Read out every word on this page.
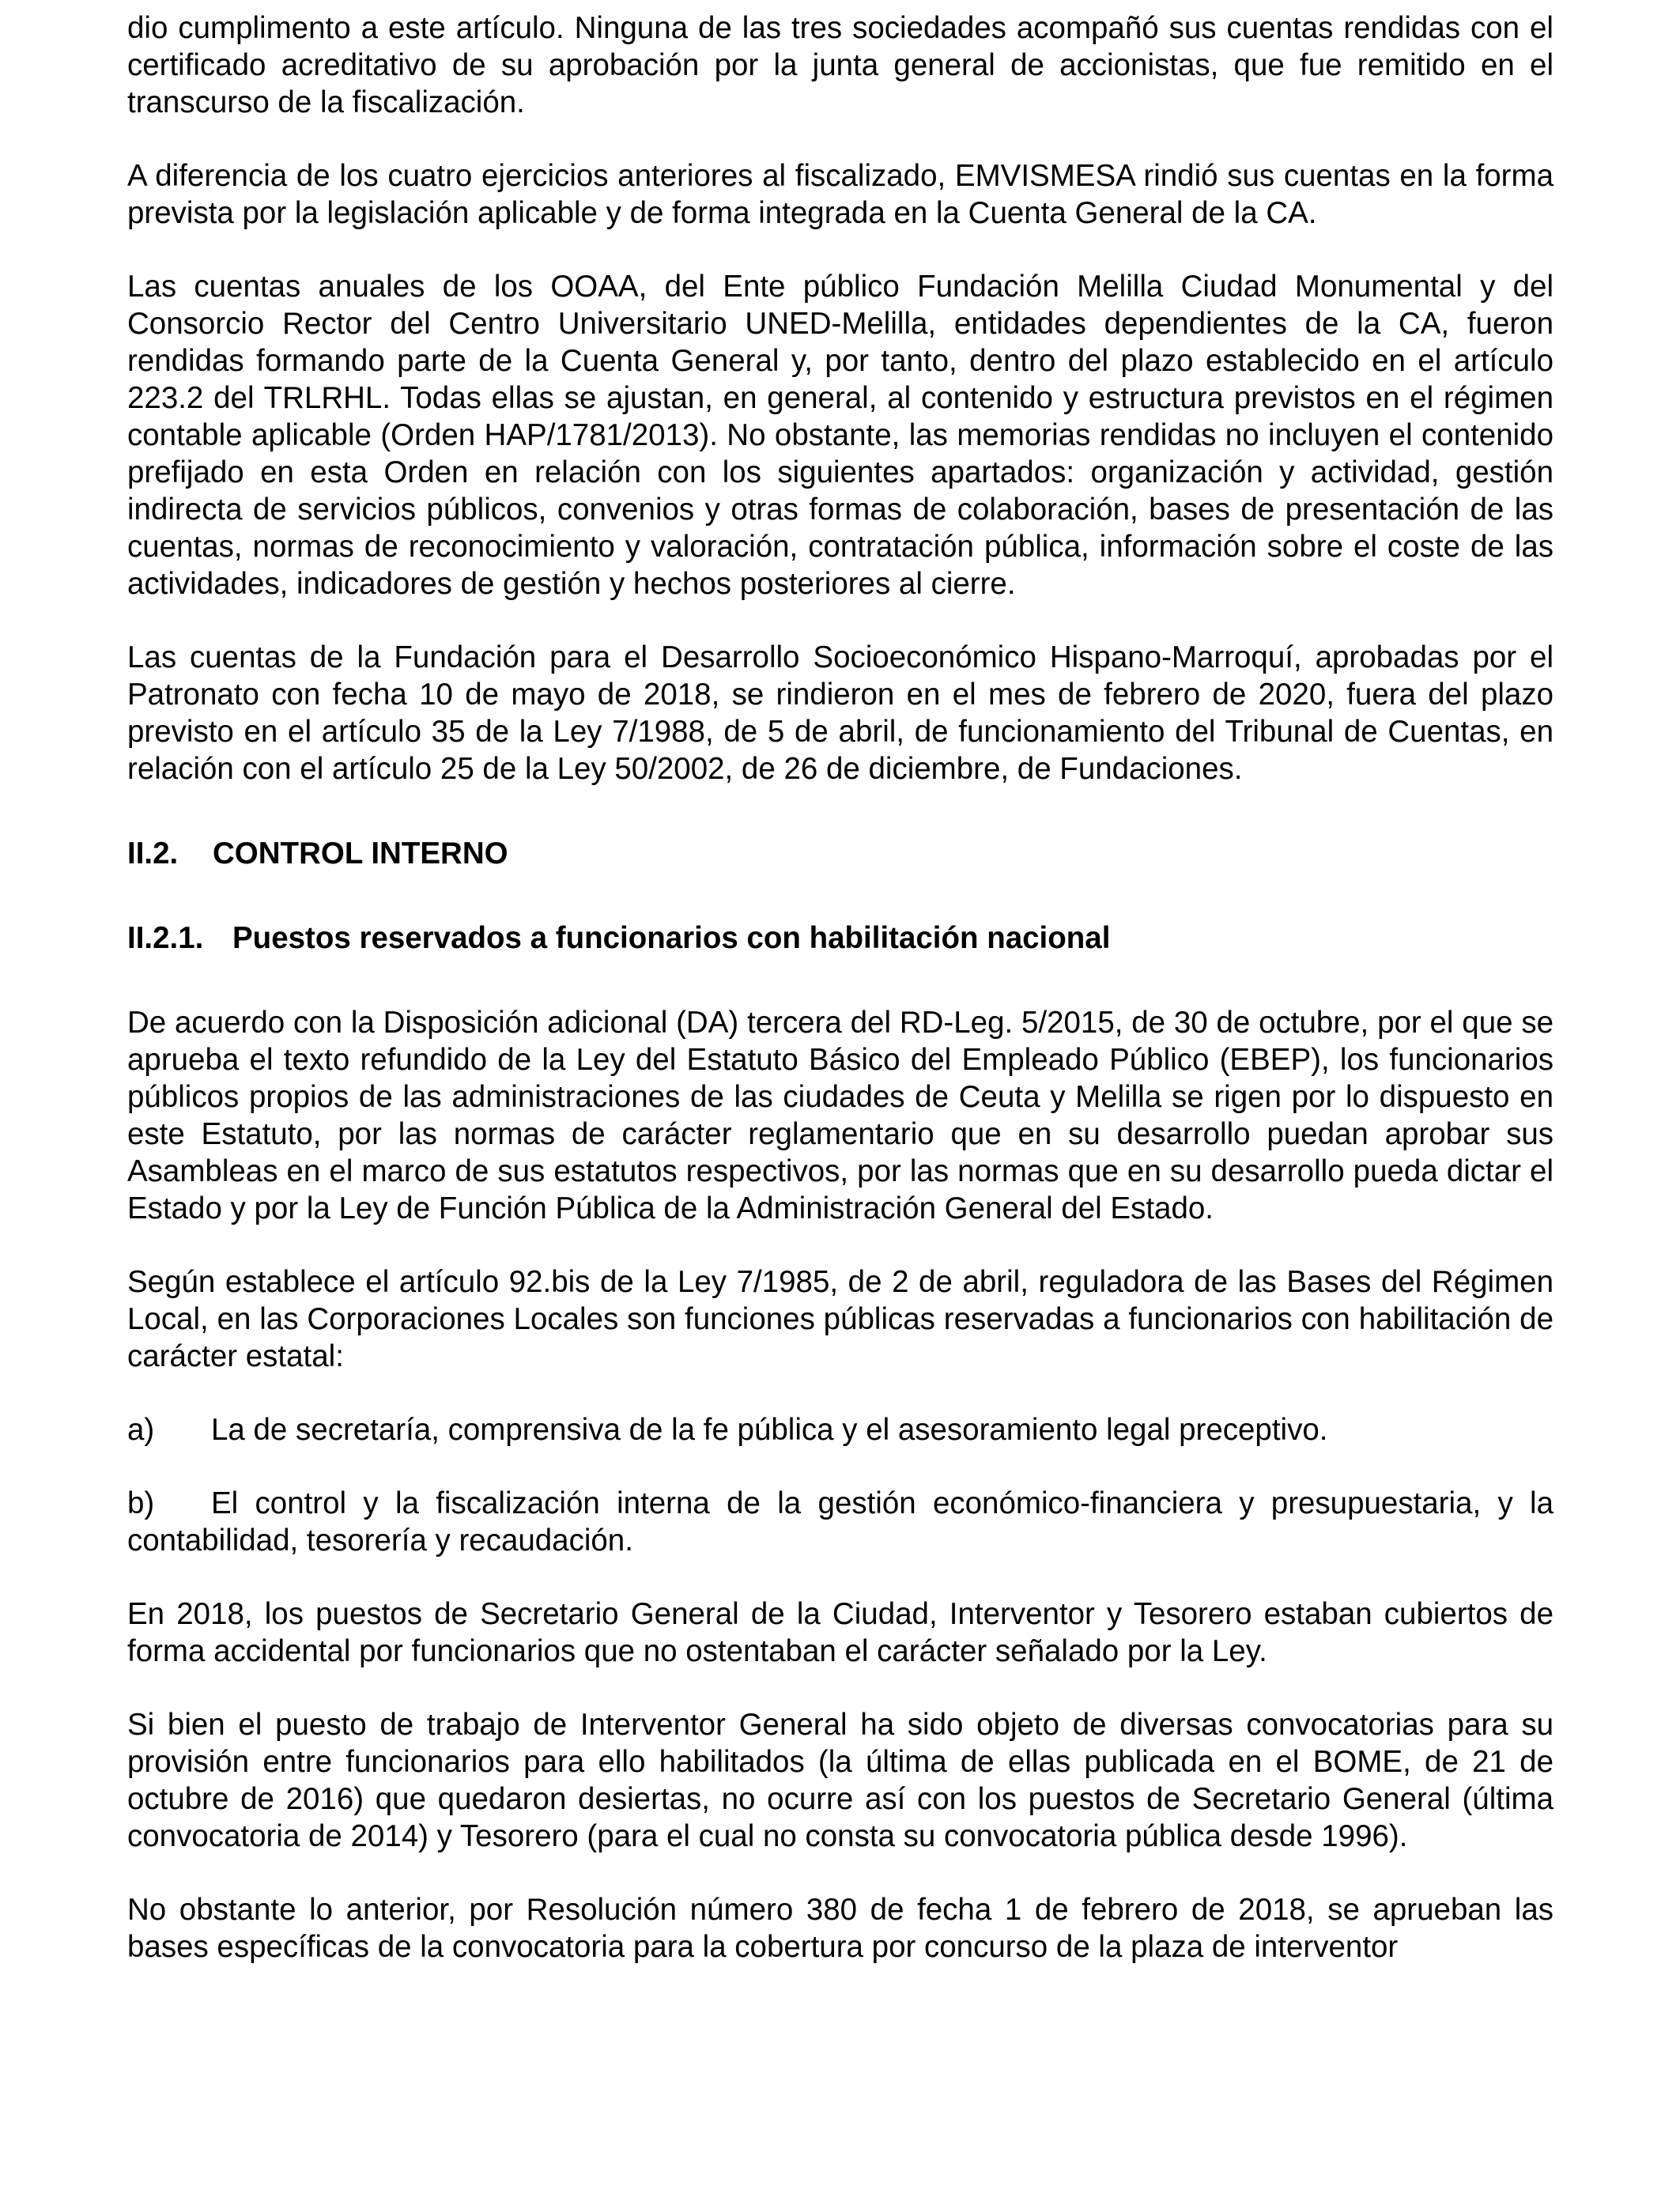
dio cumplimento a este artículo. Ninguna de las tres sociedades acompañó sus cuentas rendidas con el certificado acreditativo de su aprobación por la junta general de accionistas, que fue remitido en el transcurso de la fiscalización.

A diferencia de los cuatro ejercicios anteriores al fiscalizado, EMVISMESA rindió sus cuentas en la forma prevista por la legislación aplicable y de forma integrada en la Cuenta General de la CA.

Las cuentas anuales de los OOAA, del Ente público Fundación Melilla Ciudad Monumental y del Consorcio Rector del Centro Universitario UNED-Melilla, entidades dependientes de la CA, fueron rendidas formando parte de la Cuenta General y, por tanto, dentro del plazo establecido en el artículo 223.2 del TRLRHL. Todas ellas se ajustan, en general, al contenido y estructura previstos en el régimen contable aplicable (Orden HAP/1781/2013). No obstante, las memorias rendidas no incluyen el contenido prefijado en esta Orden en relación con los siguientes apartados: organización y actividad, gestión indirecta de servicios públicos, convenios y otras formas de colaboración, bases de presentación de las cuentas, normas de reconocimiento y valoración, contratación pública, información sobre el coste de las actividades, indicadores de gestión y hechos posteriores al cierre.

Las cuentas de la Fundación para el Desarrollo Socioeconómico Hispano-Marroquí, aprobadas por el Patronato con fecha 10 de mayo de 2018, se rindieron en el mes de febrero de 2020, fuera del plazo previsto en el artículo 35 de la Ley 7/1988, de 5 de abril, de funcionamiento del Tribunal de Cuentas, en relación con el artículo 25 de la Ley 50/2002, de 26 de diciembre, de Fundaciones.

II.2. CONTROL INTERNO
II.2.1. Puestos reservados a funcionarios con habilitación nacional

De acuerdo con la Disposición adicional (DA) tercera del RD-Leg. 5/2015, de 30 de octubre, por el que se aprueba el texto refundido de la Ley del Estatuto Básico del Empleado Público (EBEP), los funcionarios públicos propios de las administraciones de las ciudades de Ceuta y Melilla se rigen por lo dispuesto en este Estatuto, por las normas de carácter reglamentario que en su desarrollo puedan aprobar sus Asambleas en el marco de sus estatutos respectivos, por las normas que en su desarrollo pueda dictar el Estado y por la Ley de Función Pública de la Administración General del Estado.

Según establece el artículo 92.bis de la Ley 7/1985, de 2 de abril, reguladora de las Bases del Régimen Local, en las Corporaciones Locales son funciones públicas reservadas a funcionarios con habilitación de carácter estatal:

a) La de secretaría, comprensiva de la fe pública y el asesoramiento legal preceptivo.

b) El control y la fiscalización interna de la gestión económico-financiera y presupuestaria, y la contabilidad, tesorería y recaudación.

En 2018, los puestos de Secretario General de la Ciudad, Interventor y Tesorero estaban cubiertos de forma accidental por funcionarios que no ostentaban el carácter señalado por la Ley.

Si bien el puesto de trabajo de Interventor General ha sido objeto de diversas convocatorias para su provisión entre funcionarios para ello habilitados (la última de ellas publicada en el BOME, de 21 de octubre de 2016) que quedaron desiertas, no ocurre así con los puestos de Secretario General (última convocatoria de 2014) y Tesorero (para el cual no consta su convocatoria pública desde 1996).

No obstante lo anterior, por Resolución número 380 de fecha 1 de febrero de 2018, se aprueban las bases específicas de la convocatoria para la cobertura por concurso de la plaza de interventor
